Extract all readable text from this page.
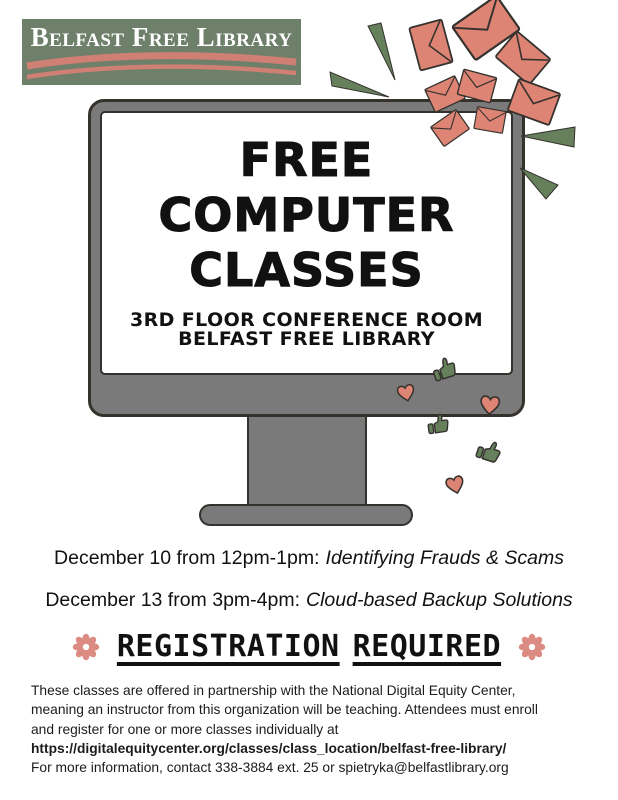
Belfast Free Library
FREE
COMPUTER
CLASSES
3RD FLOOR CONFERENCE ROOM
BELFAST FREE LIBRARY
December 10 from 12pm-1pm: Identifying Frauds & Scams
December 13 from 3pm-4pm: Cloud-based Backup Solutions
REGISTRATION REQUIRED
These classes are offered in partnership with the National Digital Equity Center,
meaning an instructor from this organization will be teaching. Attendees must enroll
and register for one or more classes individually at
https://digitalequitycenter.org/classes/class_location/belfast-free-library/
For more information, contact 338-3884 ext. 25 or spietryka@belfastlibrary.org
